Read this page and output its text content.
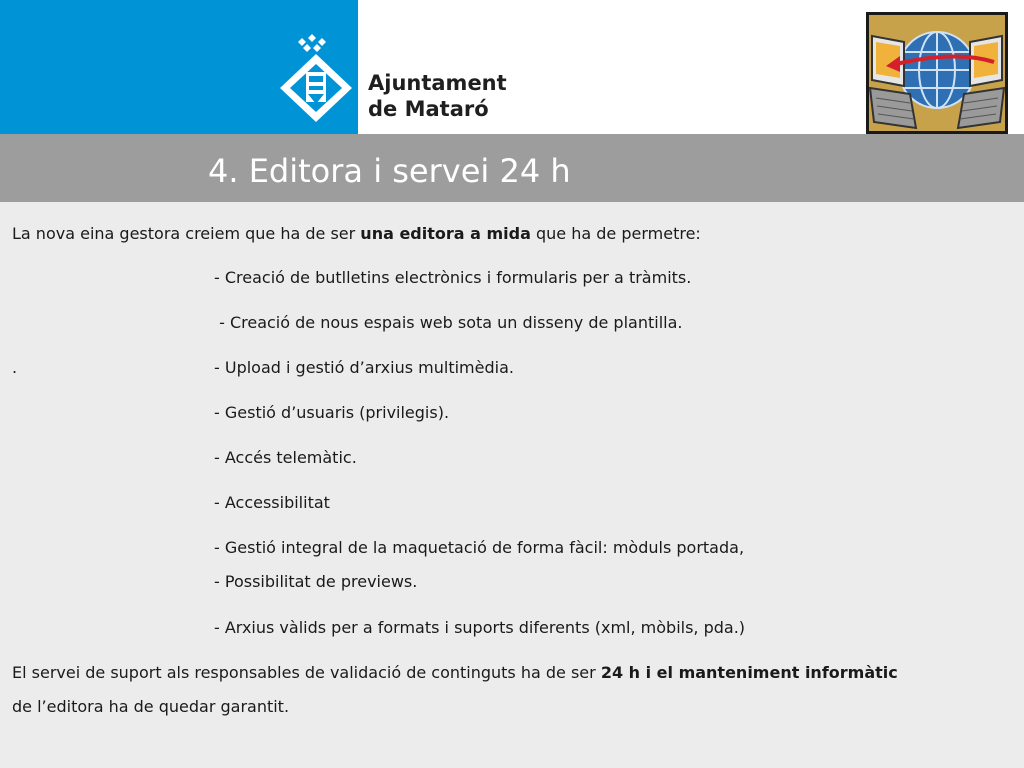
Ajuntament
de Mataró
4. Editora i servei 24 h
La nova eina gestora creiem que ha de ser una editora a mida que ha de permetre:
- Creació de butlletins electrònics i formularis per a tràmits.
- Creació de nous espais web sota un disseny de plantilla.
.	- Upload i gestió d’arxius multimèdia.
- Gestió d’usuaris (privilegis).
- Accés telemàtic.
- Accessibilitat
- Gestió integral de la maquetació de forma fàcil: mòduls portada,
- Possibilitat de previews.
- Arxius vàlids per a formats i suports diferents (xml, mòbils, pda.)
El servei de suport als responsables de validació de continguts ha de ser 24 h i el manteniment informàtic
de l’editora ha de quedar garantit.
